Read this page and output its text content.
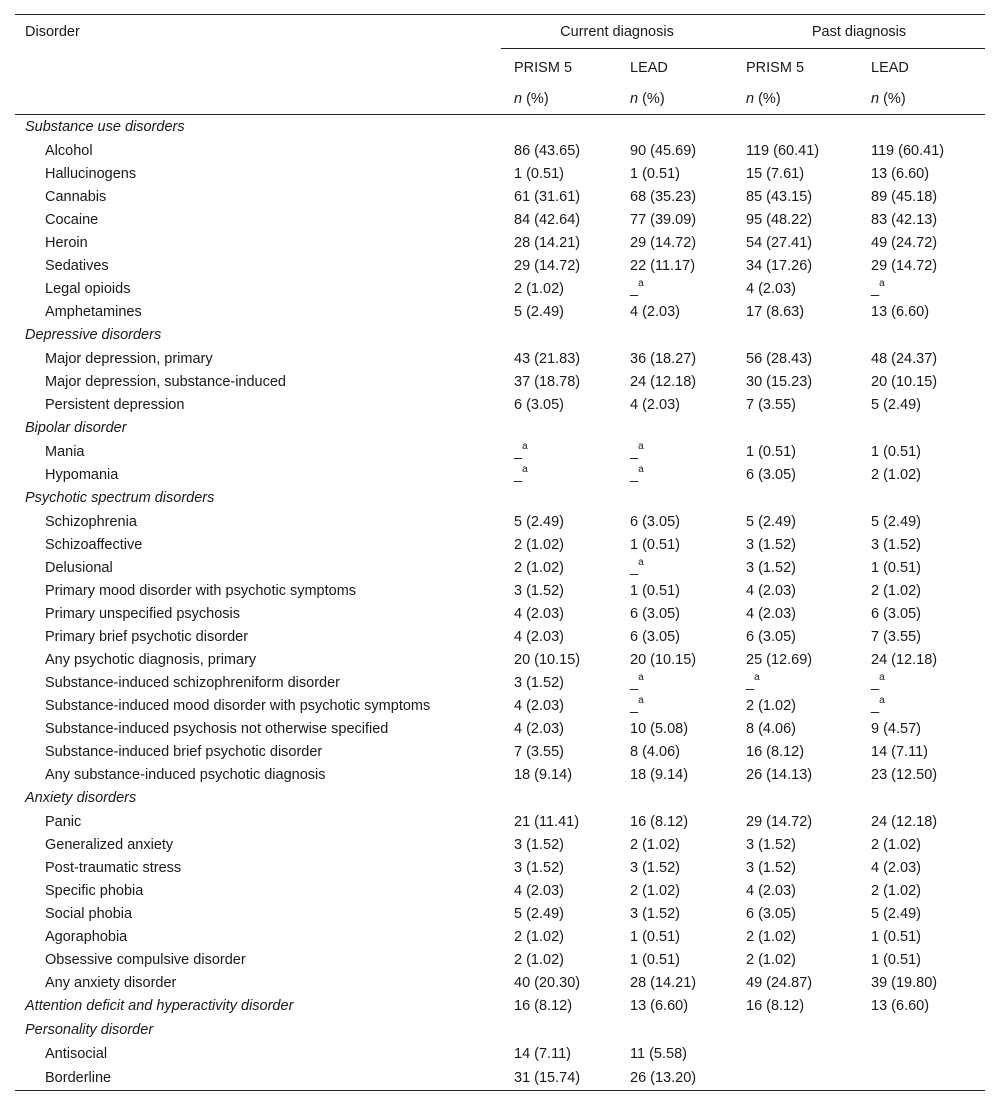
Disorder	Current diagnosis		Past diagnosis	
	PRISM 5	LEAD	PRISM 5	LEAD
	n (%)	n (%)	n (%)	n (%)
Substance use disorders				
Alcohol	86 (43.65)	90 (45.69)	119 (60.41)	119 (60.41)
Hallucinogens	1 (0.51)	1 (0.51)	15 (7.61)	13 (6.60)
Cannabis	61 (31.61)	68 (35.23)	85 (43.15)	89 (45.18)
Cocaine	84 (42.64)	77 (39.09)	95 (48.22)	83 (42.13)
Heroin	28 (14.21)	29 (14.72)	54 (27.41)	49 (24.72)
Sedatives	29 (14.72)	22 (11.17)	34 (17.26)	29 (14.72)
Legal opioids	2 (1.02)	_$^a$	4 (2.03)	_$^a$
Amphetamines	5 (2.49)	4 (2.03)	17 (8.63)	13 (6.60)
Depressive disorders				
Major depression, primary	43 (21.83)	36 (18.27)	56 (28.43)	48 (24.37)
Major depression, substance-induced	37 (18.78)	24 (12.18)	30 (15.23)	20 (10.15)
Persistent depression	6 (3.05)	4 (2.03)	7 (3.55)	5 (2.49)
Bipolar disorder				
Mania	_$^a$	_$^a$	1 (0.51)	1 (0.51)
Hypomania	_$^a$	_$^a$	6 (3.05)	2 (1.02)
Psychotic spectrum disorders				
Schizophrenia	5 (2.49)	6 (3.05)	5 (2.49)	5 (2.49)
Schizoaffective	2 (1.02)	1 (0.51)	3 (1.52)	3 (1.52)
Delusional	2 (1.02)	_$^a$	3 (1.52)	1 (0.51)
Primary mood disorder with psychotic symptoms	3 (1.52)	1 (0.51)	4 (2.03)	2 (1.02)
Primary unspecified psychosis	4 (2.03)	6 (3.05)	4 (2.03)	6 (3.05)
Primary brief psychotic disorder	4 (2.03)	6 (3.05)	6 (3.05)	7 (3.55)
Any psychotic diagnosis, primary	20 (10.15)	20 (10.15)	25 (12.69)	24 (12.18)
Substance-induced schizophreniform disorder	3 (1.52)	_$^a$	_$^a$	_$^a$
Substance-induced mood disorder with psychotic symptoms	4 (2.03)	_$^a$	2 (1.02)	_$^a$
Substance-induced psychosis not otherwise specified	4 (2.03)	10 (5.08)	8 (4.06)	9 (4.57)
Substance-induced brief psychotic disorder	7 (3.55)	8 (4.06)	16 (8.12)	14 (7.11)
Any substance-induced psychotic diagnosis	18 (9.14)	18 (9.14)	26 (14.13)	23 (12.50)
Anxiety disorders				
Panic	21 (11.41)	16 (8.12)	29 (14.72)	24 (12.18)
Generalized anxiety	3 (1.52)	2 (1.02)	3 (1.52)	2 (1.02)
Post-traumatic stress	3 (1.52)	3 (1.52)	3 (1.52)	4 (2.03)
Specific phobia	4 (2.03)	2 (1.02)	4 (2.03)	2 (1.02)
Social phobia	5 (2.49)	3 (1.52)	6 (3.05)	5 (2.49)
Agoraphobia	2 (1.02)	1 (0.51)	2 (1.02)	1 (0.51)
Obsessive compulsive disorder	2 (1.02)	1 (0.51)	2 (1.02)	1 (0.51)
Any anxiety disorder	40 (20.30)	28 (14.21)	49 (24.87)	39 (19.80)
Attention deficit and hyperactivity disorder	16 (8.12)	13 (6.60)	16 (8.12)	13 (6.60)
Personality disorder				
Antisocial	14 (7.11)	11 (5.58)		
Borderline	31 (15.74)	26 (13.20)		
